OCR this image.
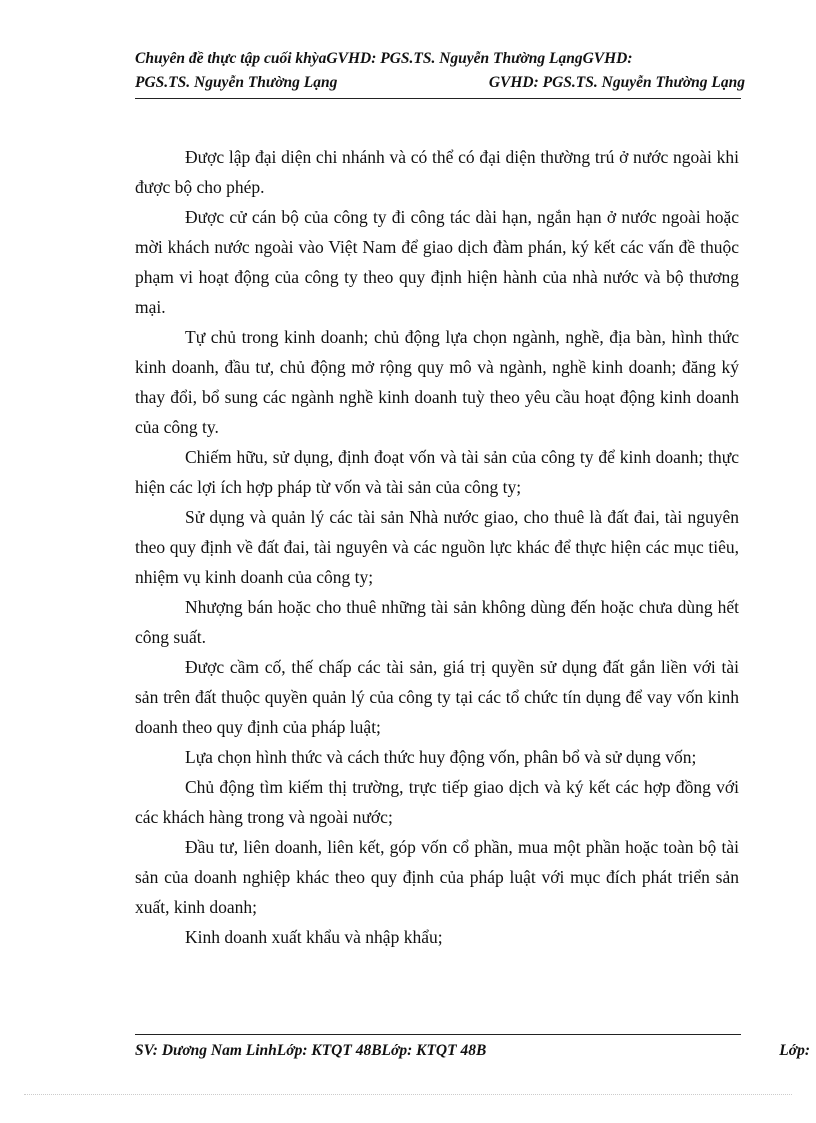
Chuyên đề thực tập cuối khỳaGVHD: PGS.TS. Nguyễn Thường LạngGVHD:
PGS.TS. Nguyễn Thường Lạng	GVHD: PGS.TS. Nguyễn Thường Lạng

Được lập đại diện chi nhánh và có thể có đại diện thường trú ở nước ngoài khi được bộ cho phép.

Được cử cán bộ của công ty đi công tác dài hạn, ngắn hạn ở nước ngoài hoặc mời khách nước ngoài vào Việt Nam để giao dịch đàm phán, ký kết các vấn đề thuộc phạm vi hoạt động của công ty theo quy định hiện hành của nhà nước và bộ thương mại.

Tự chủ trong kinh doanh; chủ động lựa chọn ngành, nghề, địa bàn, hình thức kinh doanh, đầu tư, chủ động mở rộng quy mô và ngành, nghề kinh doanh; đăng ký thay đổi, bổ sung các ngành nghề kinh doanh tuỳ theo yêu cầu hoạt động kinh doanh của công ty.

Chiếm hữu, sử dụng, định đoạt vốn và tài sản của công ty để kinh doanh; thực hiện các lợi ích hợp pháp từ vốn và tài sản của công ty;

Sử dụng và quản lý các tài sản Nhà nước giao, cho thuê là đất đai, tài nguyên theo quy định về đất đai, tài nguyên và các nguồn lực khác để thực hiện các mục tiêu, nhiệm vụ kinh doanh của công ty;

Nhượng bán hoặc cho thuê những tài sản không dùng đến hoặc chưa dùng hết công suất.

Được cầm cố, thế chấp các tài sản, giá trị quyền sử dụng đất gắn liền với tài sản trên đất thuộc quyền quản lý của công ty tại các tổ chức tín dụng để vay vốn kinh doanh theo quy định của pháp luật;

Lựa chọn hình thức và cách thức huy động vốn, phân bổ và sử dụng vốn;

Chủ động tìm kiếm thị trường, trực tiếp giao dịch và ký kết các hợp đồng với các khách hàng trong và ngoài nước;

Đầu tư, liên doanh, liên kết, góp vốn cổ phần, mua một phần hoặc toàn bộ tài sản của doanh nghiệp khác theo quy định của pháp luật với mục đích phát triển sản xuất, kinh doanh;

Kinh doanh xuất khẩu và nhập khẩu;

SV: Dương Nam LinhLớp: KTQT 48BLớp: KTQT 48B	Lớp:
